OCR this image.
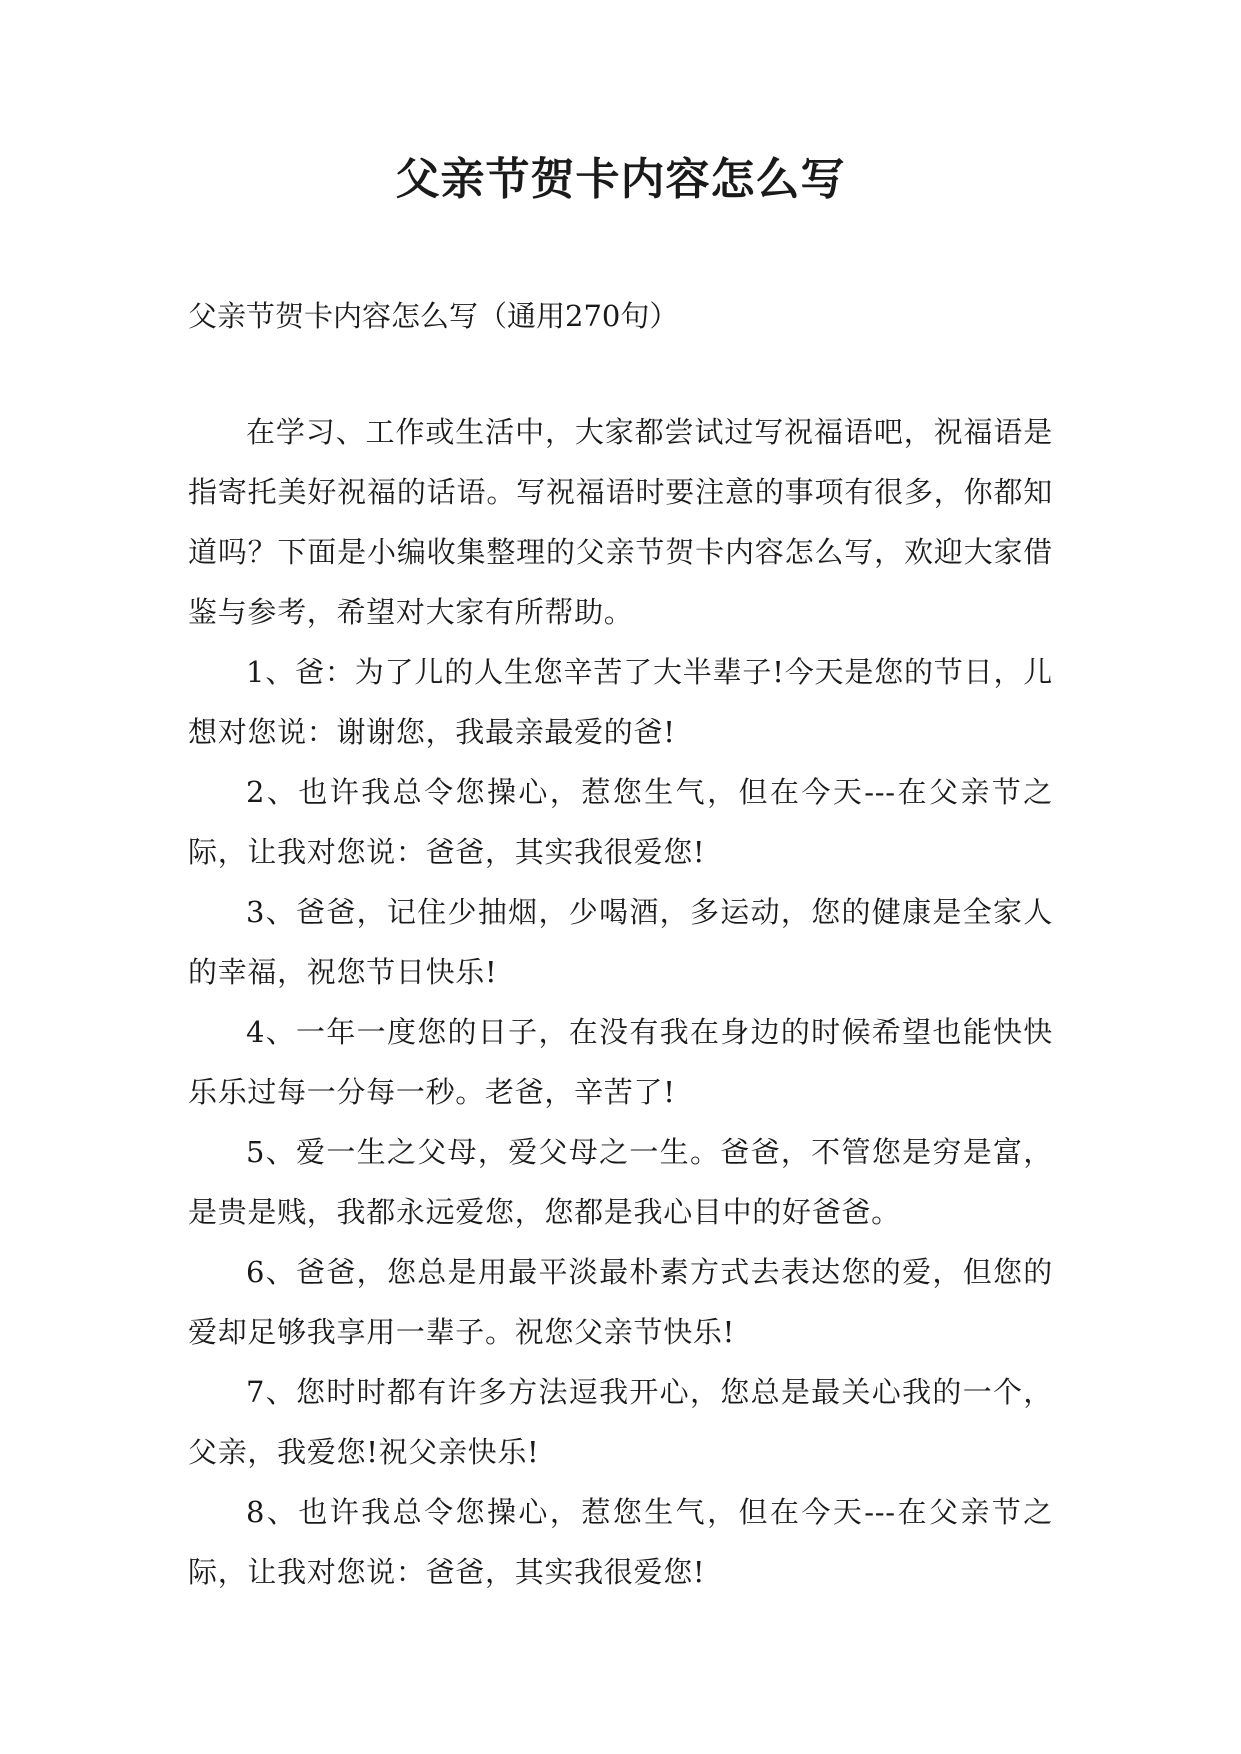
父亲节贺卡内容怎么写
父亲节贺卡内容怎么写（通用270句）

在学习、工作或生活中，大家都尝试过写祝福语吧，祝福语是指寄托美好祝福的话语。写祝福语时要注意的事项有很多，你都知道吗？下面是小编收集整理的父亲节贺卡内容怎么写，欢迎大家借鉴与参考，希望对大家有所帮助。

1、爸：为了儿的人生您辛苦了大半辈子!今天是您的节日，儿想对您说：谢谢您，我最亲最爱的爸!

2、也许我总令您操心，惹您生气，但在今天---在父亲节之际，让我对您说：爸爸，其实我很爱您!

3、爸爸，记住少抽烟，少喝酒，多运动，您的健康是全家人的幸福，祝您节日快乐!

4、一年一度您的日子，在没有我在身边的时候希望也能快快乐乐过每一分每一秒。老爸，辛苦了!

5、爱一生之父母，爱父母之一生。爸爸，不管您是穷是富，是贵是贱，我都永远爱您，您都是我心目中的好爸爸。

6、爸爸，您总是用最平淡最朴素方式去表达您的爱，但您的爱却足够我享用一辈子。祝您父亲节快乐!

7、您时时都有许多方法逗我开心，您总是最关心我的一个，父亲，我爱您!祝父亲快乐!

8、也许我总令您操心，惹您生气，但在今天---在父亲节之际，让我对您说：爸爸，其实我很爱您!
